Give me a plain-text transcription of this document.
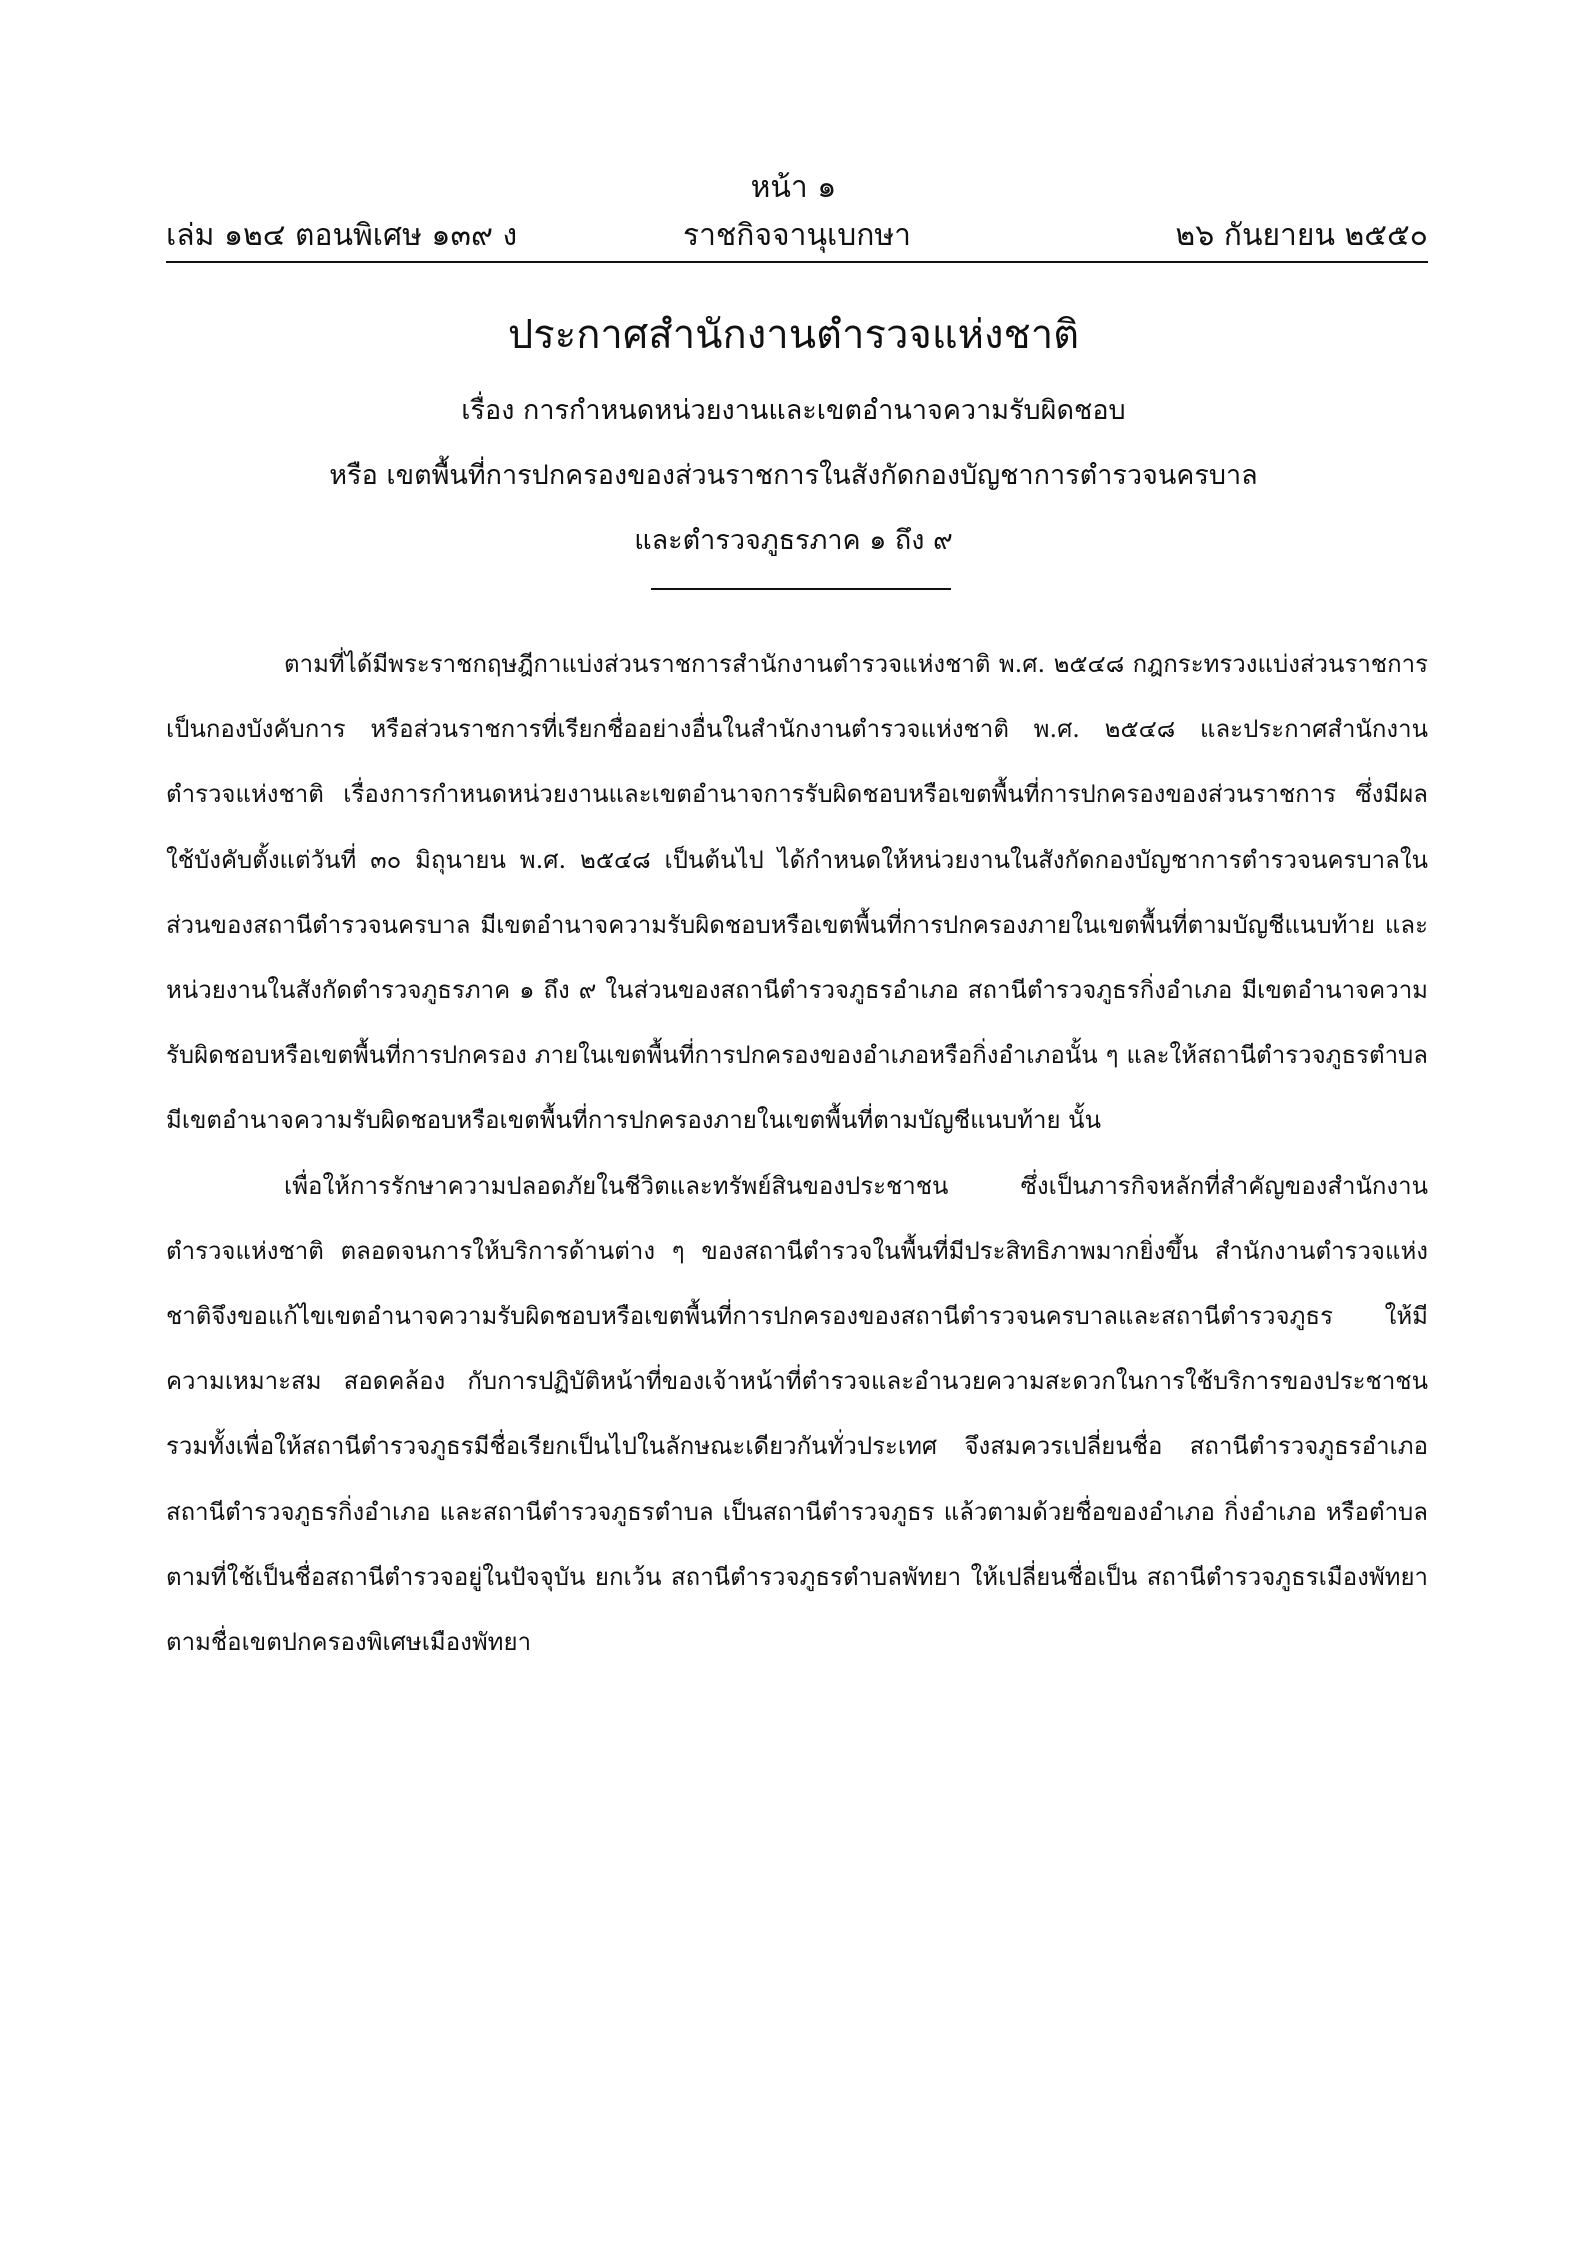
หน้า ๑
เล่ม ๑๒๔ ตอนพิเศษ ๑๓๙ ง	ราชกิจจานุเบกษา	๒๖ กันยายน ๒๕๕๐
ประกาศสำนักงานตำรวจแห่งชาติ
เรื่อง การกำหนดหน่วยงานและเขตอำนาจความรับผิดชอบ
หรือ เขตพื้นที่การปกครองของส่วนราชการในสังกัดกองบัญชาการตำรวจนครบาล
และตำรวจภูธรภาค ๑ ถึง ๙

ตามที่ได้มีพระราชกฤษฎีกาแบ่งส่วนราชการสำนักงานตำรวจแห่งชาติ พ.ศ. ๒๕๔๘ กฎกระทรวงแบ่งส่วนราชการเป็นกองบังคับการ หรือส่วนราชการที่เรียกชื่ออย่างอื่นในสำนักงานตำรวจแห่งชาติ พ.ศ. ๒๕๔๘ และประกาศสำนักงานตำรวจแห่งชาติ เรื่องการกำหนดหน่วยงานและเขตอำนาจการรับผิดชอบหรือเขตพื้นที่การปกครองของส่วนราชการ ซึ่งมีผลใช้บังคับตั้งแต่วันที่ ๓๐ มิถุนายน พ.ศ. ๒๕๔๘ เป็นต้นไป ได้กำหนดให้หน่วยงานในสังกัดกองบัญชาการตำรวจนครบาลในส่วนของสถานีตำรวจนครบาล มีเขตอำนาจความรับผิดชอบหรือเขตพื้นที่การปกครองภายในเขตพื้นที่ตามบัญชีแนบท้าย และหน่วยงานในสังกัดตำรวจภูธรภาค ๑ ถึง ๙ ในส่วนของสถานีตำรวจภูธรอำเภอ สถานีตำรวจภูธรกิ่งอำเภอ มีเขตอำนาจความรับผิดชอบหรือเขตพื้นที่การปกครอง ภายในเขตพื้นที่การปกครองของอำเภอหรือกิ่งอำเภอนั้น ๆ และให้สถานีตำรวจภูธรตำบล มีเขตอำนาจความรับผิดชอบหรือเขตพื้นที่การปกครองภายในเขตพื้นที่ตามบัญชีแนบท้าย นั้น

เพื่อให้การรักษาความปลอดภัยในชีวิตและทรัพย์สินของประชาชน ซึ่งเป็นภารกิจหลักที่สำคัญของสำนักงานตำรวจแห่งชาติ ตลอดจนการให้บริการด้านต่าง ๆ ของสถานีตำรวจในพื้นที่มีประสิทธิภาพมากยิ่งขึ้น สำนักงานตำรวจแห่งชาติจึงขอแก้ไขเขตอำนาจความรับผิดชอบหรือเขตพื้นที่การปกครองของสถานีตำรวจนครบาลและสถานีตำรวจภูธร ให้มีความเหมาะสม สอดคล้อง กับการปฏิบัติหน้าที่ของเจ้าหน้าที่ตำรวจและอำนวยความสะดวกในการใช้บริการของประชาชน รวมทั้งเพื่อให้สถานีตำรวจภูธรมีชื่อเรียกเป็นไปในลักษณะเดียวกันทั่วประเทศ จึงสมควรเปลี่ยนชื่อ สถานีตำรวจภูธรอำเภอ สถานีตำรวจภูธรกิ่งอำเภอ และสถานีตำรวจภูธรตำบล เป็นสถานีตำรวจภูธร แล้วตามด้วยชื่อของอำเภอ กิ่งอำเภอ หรือตำบล ตามที่ใช้เป็นชื่อสถานีตำรวจอยู่ในปัจจุบัน ยกเว้น สถานีตำรวจภูธรตำบลพัทยา ให้เปลี่ยนชื่อเป็น สถานีตำรวจภูธรเมืองพัทยา ตามชื่อเขตปกครองพิเศษเมืองพัทยา
